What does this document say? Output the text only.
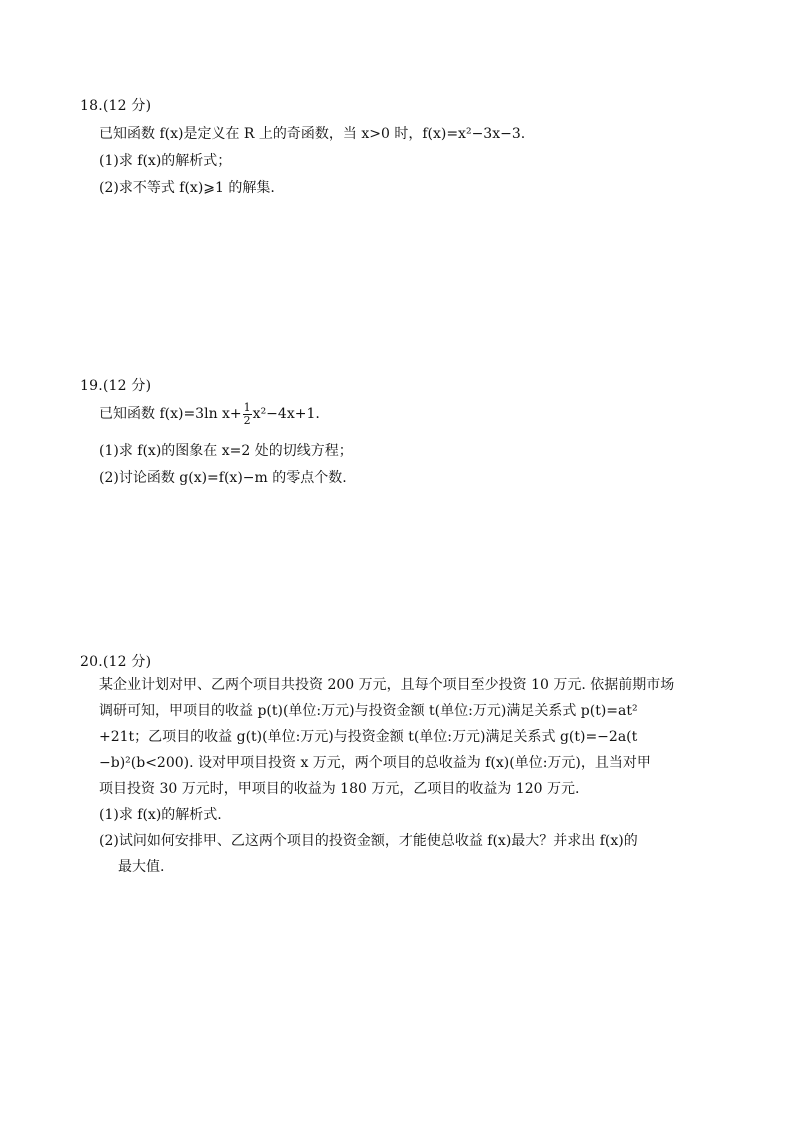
18.(12 分)
已知函数 f(x)是定义在 R 上的奇函数，当 x>0 时，f(x)=x²−3x−3.
(1)求 f(x)的解析式；
(2)求不等式 f(x)⩾1 的解集.
19.(12 分)
已知函数 f(x)=3ln $x+ \frac{1}{2} x^2-4x+1$.
(1)求 f(x)的图象在 x=2 处的切线方程；
(2)讨论函数 g(x)=f(x)−m 的零点个数.
20.(12 分)
某企业计划对甲、乙两个项目共投资 200 万元，且每个项目至少投资 10 万元. 依据前期市场
调研可知，甲项目的收益 p(t)(单位:万元)与投资金额 t(单位:万元)满足关系式 p(t)=at²
+21t；乙项目的收益 g(t)(单位:万元)与投资金额 t(单位:万元)满足关系式 g(t)=−2a(t
−b)²(b<200). 设对甲项目投资 x 万元，两个项目的总收益为 f(x)(单位:万元)，且当对甲
项目投资 30 万元时，甲项目的收益为 180 万元，乙项目的收益为 120 万元.
(1)求 f(x)的解析式.
(2)试问如何安排甲、乙这两个项目的投资金额，才能使总收益 f(x)最大？并求出 f(x)的
最大值.
